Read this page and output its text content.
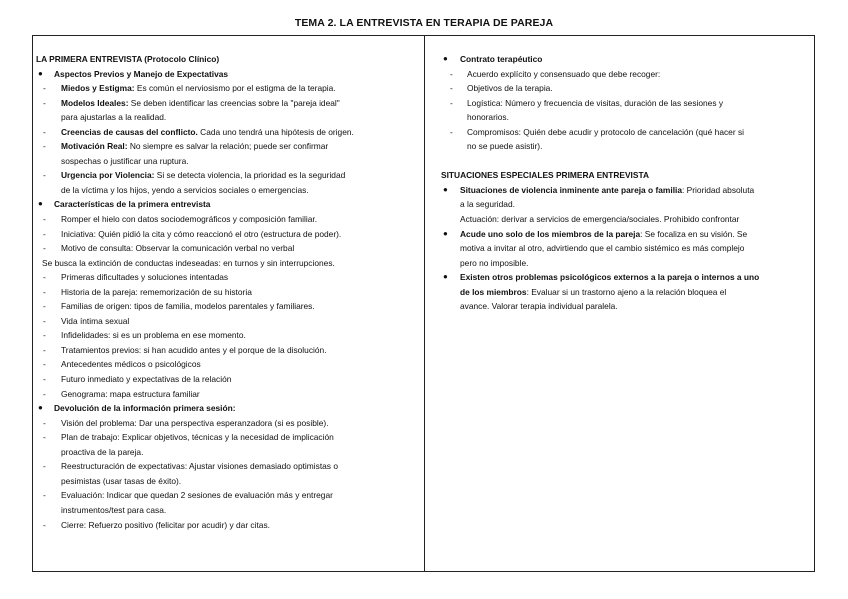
TEMA 2. LA ENTREVISTA EN TERAPIA DE PAREJA
LA PRIMERA ENTREVISTA (Protocolo Clínico)
● Aspectos Previos y Manejo de Expectativas
- Miedos y Estigma: Es común el nerviosismo por el estigma de la terapia.
- Modelos Ideales: Se deben identificar las creencias sobre la "pareja ideal"
para ajustarlas a la realidad.
- Creencias de causas del conflicto. Cada uno tendrá una hipótesis de origen.
- Motivación Real: No siempre es salvar la relación; puede ser confirmar
sospechas o justificar una ruptura.
- Urgencia por Violencia: Si se detecta violencia, la prioridad es la seguridad
de la víctima y los hijos, yendo a servicios sociales o emergencias.
● Características de la primera entrevista
- Romper el hielo con datos sociodemográficos y composición familiar.
- Iniciativa: Quién pidió la cita y cómo reaccionó el otro (estructura de poder).
- Motivo de consulta: Observar la comunicación verbal no verbal
Se busca la extinción de conductas indeseadas: en turnos y sin interrupciones.
- Primeras dificultades y soluciones intentadas
- Historia de la pareja: rememorización de su historia
- Familias de origen: tipos de familia, modelos parentales y familiares.
- Vida íntima sexual
- Infidelidades: si es un problema en ese momento.
- Tratamientos previos: si han acudido antes y el porque de la disolución.
- Antecedentes médicos o psicológicos
- Futuro inmediato y expectativas de la relación
- Genograma: mapa estructura familiar
● Devolución de la información primera sesión:
- Visión del problema: Dar una perspectiva esperanzadora (si es posible).
- Plan de trabajo: Explicar objetivos, técnicas y la necesidad de implicación
proactiva de la pareja.
- Reestructuración de expectativas: Ajustar visiones demasiado optimistas o
pesimistas (usar tasas de éxito).
- Evaluación: Indicar que quedan 2 sesiones de evaluación más y entregar
instrumentos/test para casa.
- Cierre: Refuerzo positivo (felicitar por acudir) y dar citas.
● Contrato terapéutico
- Acuerdo explícito y consensuado que debe recoger:
- Objetivos de la terapia.
- Logística: Número y frecuencia de visitas, duración de las sesiones y
honorarios.
- Compromisos: Quién debe acudir y protocolo de cancelación (qué hacer si
no se puede asistir).
SITUACIONES ESPECIALES PRIMERA ENTREVISTA
● Situaciones de violencia inminente ante pareja o familia: Prioridad absoluta
a la seguridad.
Actuación: derivar a servicios de emergencia/sociales. Prohibido confrontar
● Acude uno solo de los miembros de la pareja: Se focaliza en su visión. Se
motiva a invitar al otro, advirtiendo que el cambio sistémico es más complejo
pero no imposible.
● Existen otros problemas psicológicos externos a la pareja o internos a uno
de los miembros: Evaluar si un trastorno ajeno a la relación bloquea el
avance. Valorar terapia individual paralela.
